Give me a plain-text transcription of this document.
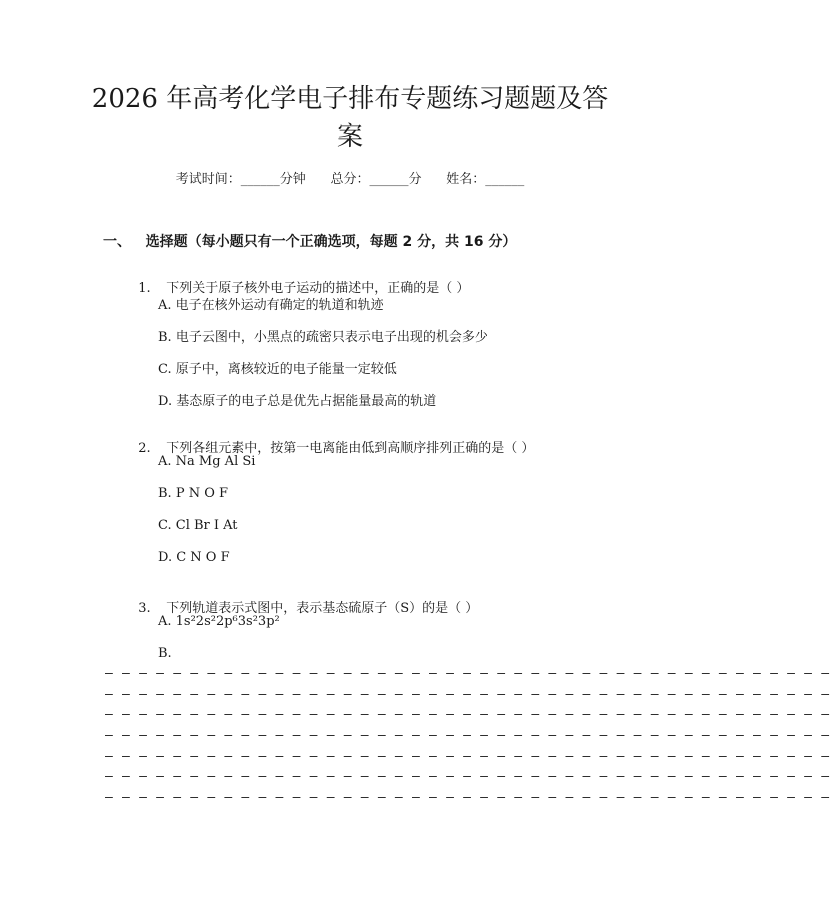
2026 年高考化学电子排布专题练习题题及答
案
考试时间：______分钟      总分：______分      姓名：______
一、   选择题（每小题只有一个正确选项，每题 2 分，共 16 分）

1. 下列关于原子核外电子运动的描述中，正确的是（ ）

A. 电子在核外运动有确定的轨道和轨迹
B. 电子云图中，小黑点的疏密只表示电子出现的机会多少
C. 原子中，离核较近的电子能量一定较低
D. 基态原子的电子总是优先占据能量最高的轨道

2. 下列各组元素中，按第一电离能由低到高顺序排列正确的是（ ）

A. Na Mg Al Si
B. P N O F
C. Cl Br I At
D. C N O F

3. 下列轨道表示式图中，表示基态硫原子（S）的是（ ）

A. 1s²2s²2p⁶3s²3p²
B.
— — — — — — — — — — — — — — — — — — — — — — — — — — — — — — — — — — — — — — — — — — —
— — — — — — — — — — — — — — — — — — — — — — — — — — — — — — — — — — — — — — — — — — —
— — — — — — — — — — — — — — — — — — — — — — — — — — — — — — — — — — — — — — — — — — —
— — — — — — — — — — — — — — — — — — — — — — — — — — — — — — — — — — — — — — — — — — —
— — — — — — — — — — — — — — — — — — — — — — — — — — — — — — — — — — — — — — — — — — —
— — — — — — — — — — — — — — — — — — — — — — — — — — — — — — — — — — — — — — — — — — —
— — — — — — — — — — — — — — — — — — — — — — — — — — — — — — — — — — — — — — — — — — —
